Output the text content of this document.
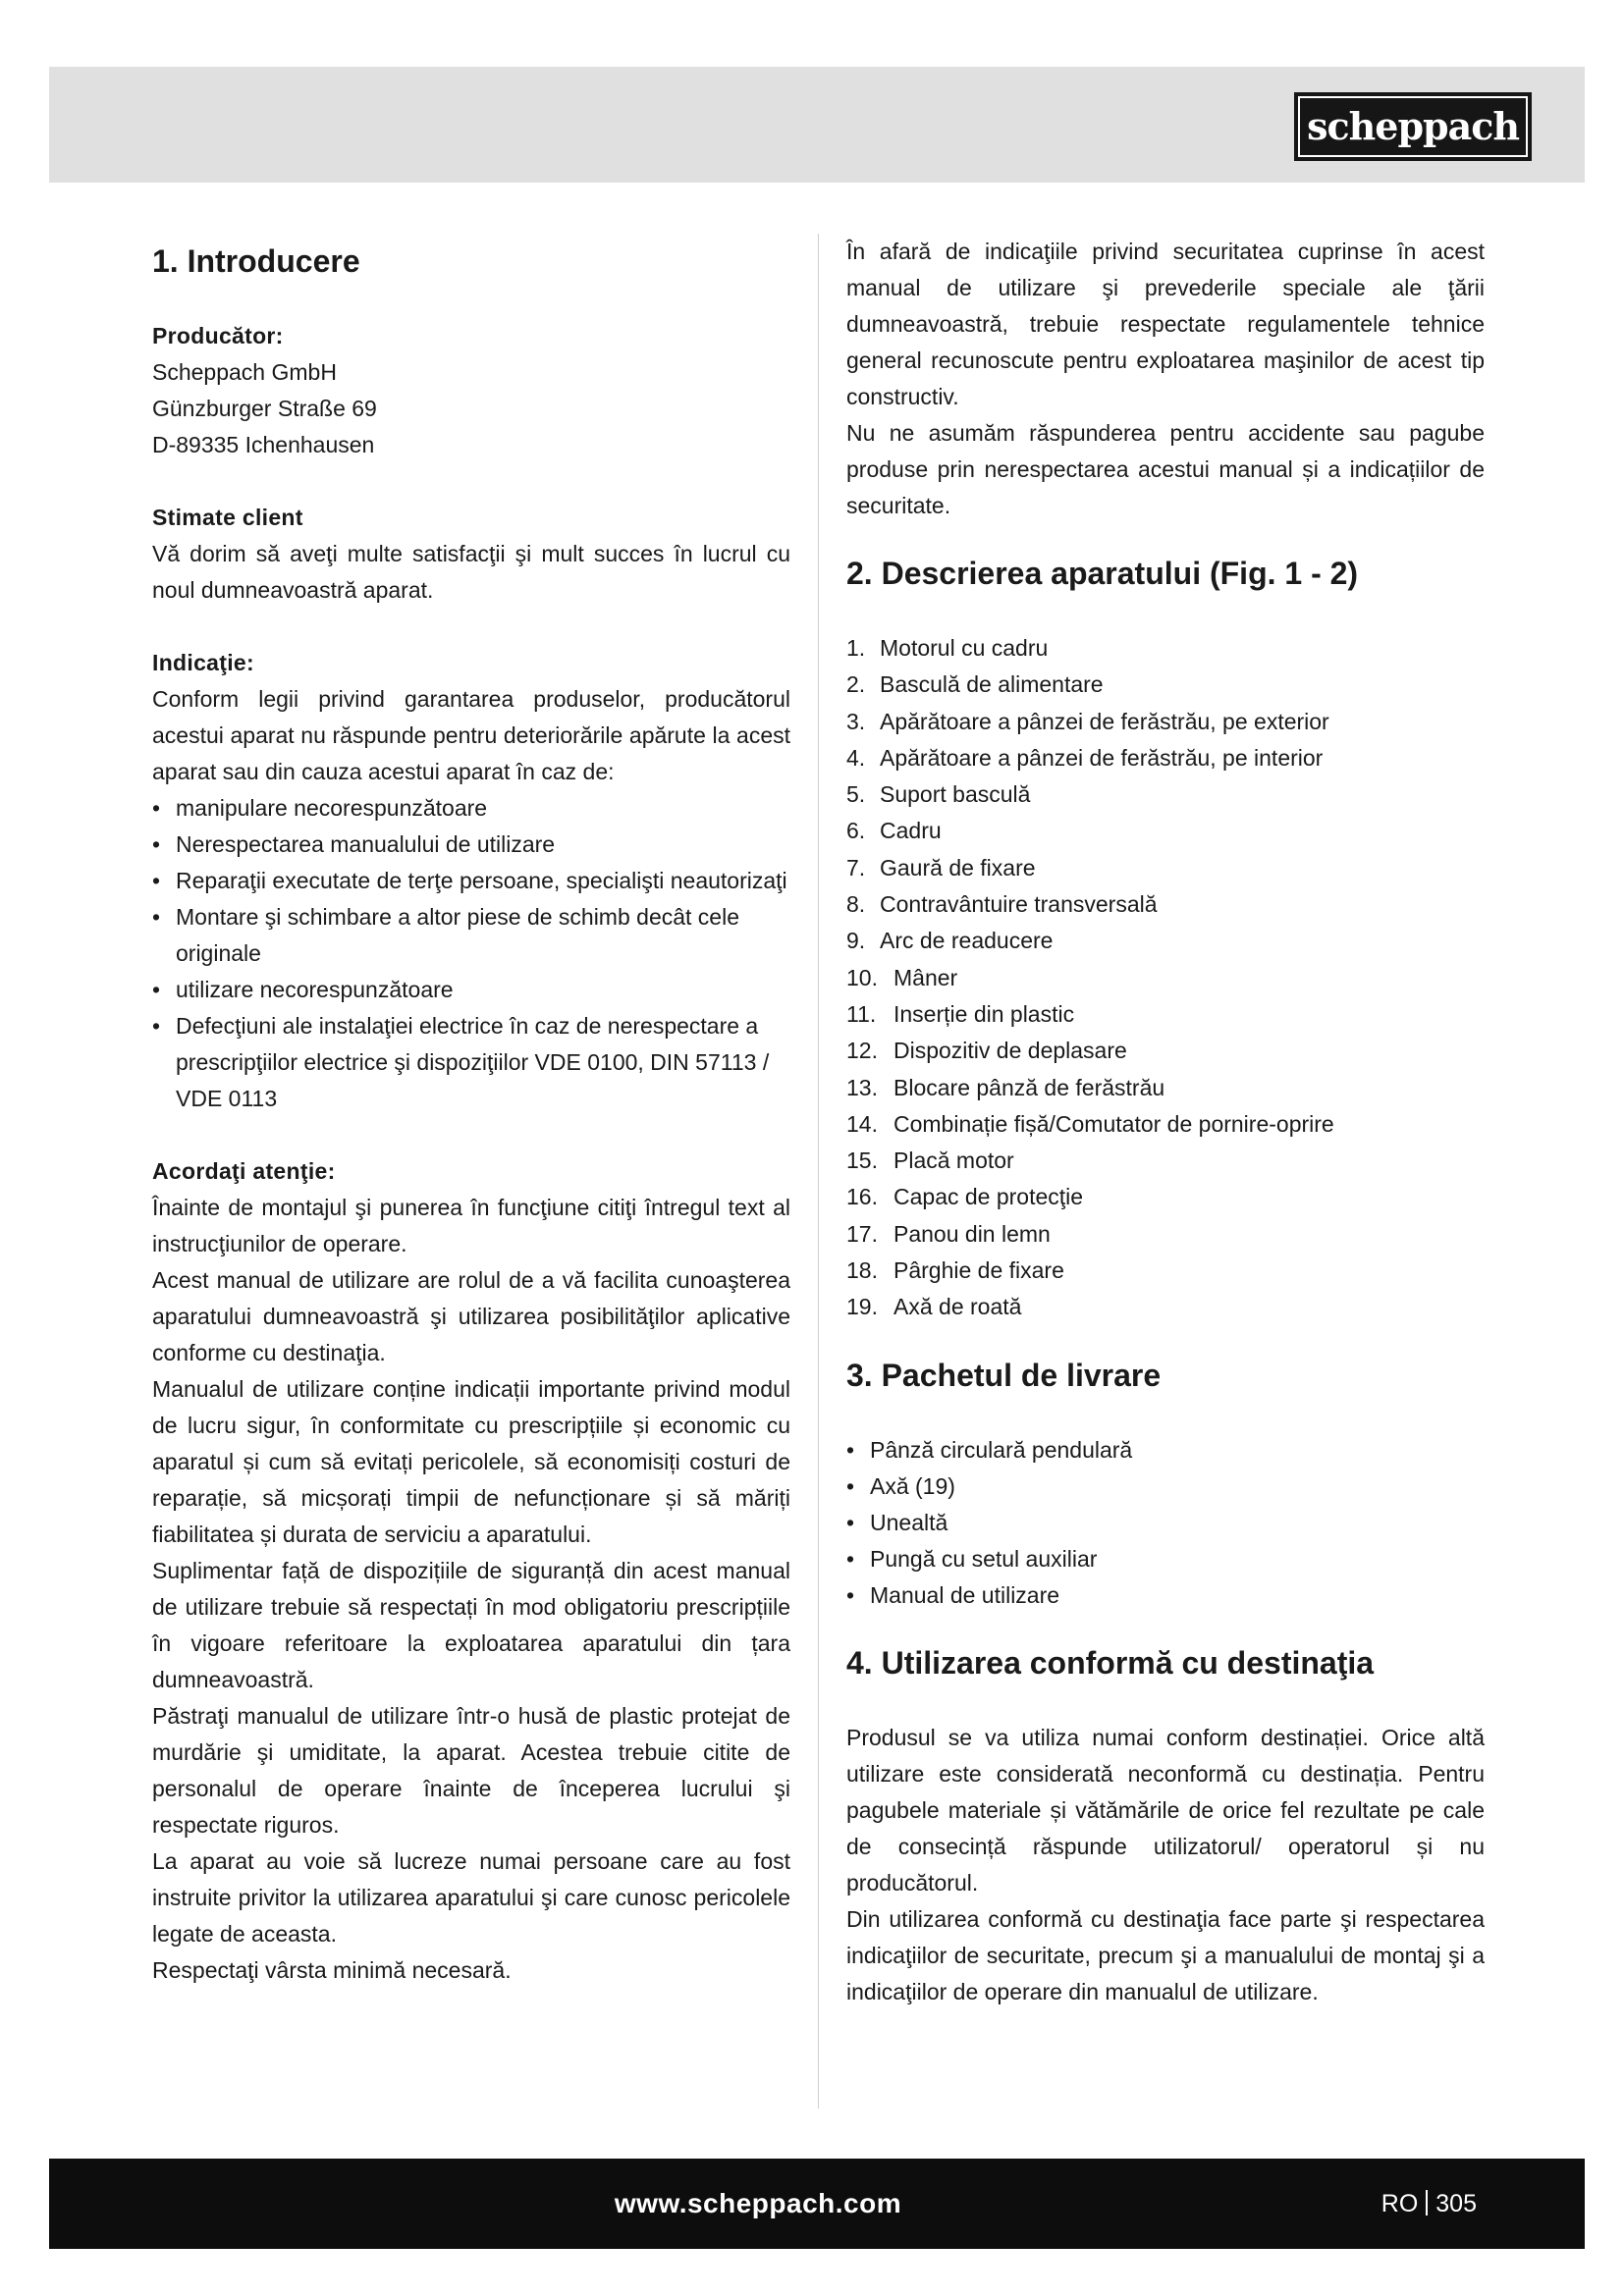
scheppach
1. Introducere
Producător:

Scheppach GmbH

Günzburger Straße 69

D-89335 Ichenhausen

Stimate client

Vă dorim să aveţi multe satisfacţii şi mult succes în lucrul cu noul dumneavoastră aparat.

Indicaţie:

Conform legii privind garantarea produselor, producătorul acestui aparat nu răspunde pentru deteriorările apărute la acest aparat sau din cauza acestui aparat în caz de:

• manipulare necorespunzătoare
• Nerespectarea manualului de utilizare
• Reparaţii executate de terţe persoane, specialişti neautorizaţi
• Montare şi schimbare a altor piese de schimb decât cele originale
• utilizare necorespunzătoare
• Defecţiuni ale instalaţiei electrice în caz de nerespectare a prescripţiilor electrice şi dispoziţiilor VDE 0100, DIN 57113 / VDE 0113
Acordaţi atenţie:

Înainte de montajul şi punerea în funcţiune citiţi întregul text al instrucţiunilor de operare.

Acest manual de utilizare are rolul de a vă facilita cunoaşterea aparatului dumneavoastră şi utilizarea posibilităţilor aplicative conforme cu destinaţia.

Manualul de utilizare conține indicații importante privind modul de lucru sigur, în conformitate cu prescripțiile și economic cu aparatul și cum să evitați pericolele, să economisiți costuri de reparație, să micșorați timpii de nefuncționare și să măriți fiabilitatea și durata de serviciu a aparatului.

Suplimentar față de dispozițiile de siguranță din acest manual de utilizare trebuie să respectați în mod obligatoriu prescripțiile în vigoare referitoare la exploatarea aparatului din țara dumneavoastră.

Păstraţi manualul de utilizare într-o husă de plastic protejat de murdărie şi umiditate, la aparat. Acestea trebuie citite de personalul de operare înainte de începerea lucrului şi respectate riguros.

La aparat au voie să lucreze numai persoane care au fost instruite privitor la utilizarea aparatului şi care cunosc pericolele legate de aceasta.

Respectaţi vârsta minimă necesară.

În afară de indicaţiile privind securitatea cuprinse în acest manual de utilizare şi prevederile speciale ale ţării dumneavoastră, trebuie respectate regulamentele tehnice general recunoscute pentru exploatarea maşinilor de acest tip constructiv.

Nu ne asumăm răspunderea pentru accidente sau pagube produse prin nerespectarea acestui manual și a indicațiilor de securitate.

2. Descrierea aparatului (Fig. 1 - 2)
1. Motorul cu cadru
2. Basculă de alimentare
3. Apărătoare a pânzei de ferăstrău, pe exterior
4. Apărătoare a pânzei de ferăstrău, pe interior
5. Suport basculă
6. Cadru
7. Gaură de fixare
8. Contravântuire transversală
9. Arc de readucere
10. Mâner
11. Inserție din plastic
12. Dispozitiv de deplasare
13. Blocare pânză de ferăstrău
14. Combinație fișă/Comutator de pornire-oprire
15. Placă motor
16. Capac de protecţie
17. Panou din lemn
18. Pârghie de fixare
19. Axă de roată
3. Pachetul de livrare
• Pânză circulară pendulară
• Axă (19)
• Unealtă
• Pungă cu setul auxiliar
• Manual de utilizare
4. Utilizarea conformă cu destinaţia

Produsul se va utiliza numai conform destinației. Orice altă utilizare este considerată neconformă cu destinația. Pentru pagubele materiale și vătămările de orice fel rezultate pe cale de consecință răspunde utilizatorul/ operatorul și nu producătorul.

Din utilizarea conformă cu destinaţia face parte şi respectarea indicaţiilor de securitate, precum şi a manualului de montaj şi a indicaţiilor de operare din manualul de utilizare.

www.scheppach.com	RO 305
